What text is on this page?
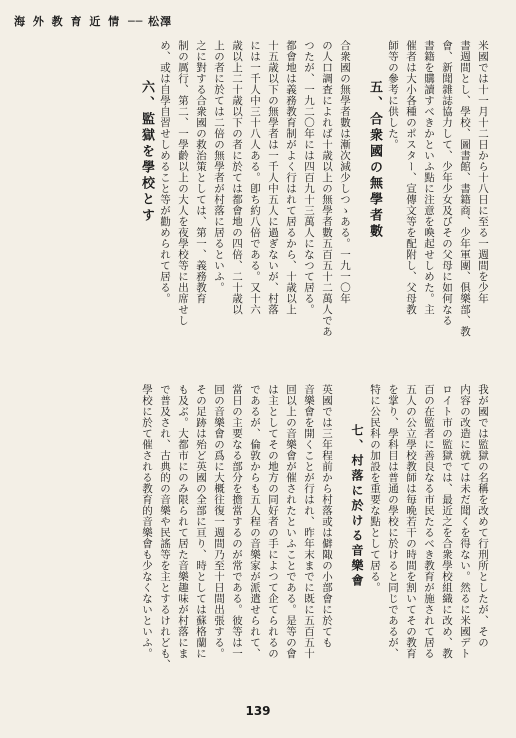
海 外 教 育 近 情 ── 松澤
米國では十一月十二日から十八日に至る一週間を少年
書週間とし、學校、圖書館、書籍商、少年軍團、俱樂部、教
會、新聞雜誌協力して、少年少女及びその父母に如何なる
書籍を購讀すべきかといふ點に注意を喚起せしめた。主
催者は大小各種のポスター、宣傳文等を配附し、父母教
師等の參考に供した。
五、合衆國の無學者數
合衆國の無學者數は漸次減少しつゝある。一九一〇年
の人口調査によれば十歳以上の無學者數五百五十二萬人であ
つたが、一九二〇年には四百九十三萬人になつて居る。
都會地は義務教育制がよく行はれて居るから、十歳以上
十五歳以下の無學者は一千人中五人に過ぎないが、村落
には一千人中三十八人ある。卽ち約八倍である。又十六
歳以上二十歳以下の者に於ては都會地の四倍、二十歳以
上の者に於ては二倍の無學者が村落に居るといふ。
之に對する合衆國の救治策としては、第一、義務教育
制の厲行、第二、一學齡以上の大人を夜學校等に出席せし
め、或は自學自習せしめること等が勸められて居る。
六、監獄を學校とす
我が國では監獄の名稱を改めて行刑所としたが、その
内容の改造に就ては未だ聞くを得ない。然るに米國デト
ロイト市の監獄では、最近之を合衆學校組織に改め、教
百の在監者に善良なる市民たるべき教育が施されて居る
五人の公立學校教師は毎晩若干の時間を割いてその教育
を掌り、學科目は普通の學校に於けると同じであるが、
特に公民科の加設を重要な點として居る。
七、村落に於ける音樂會
英國では三年程前から村落或は僻陬の小部會に於ても
音樂會を開くことが行はれ、昨年末までに既に五百五十
回以上の音樂會が催されたといふことである。是等の會
は主としてその地方の同好者の手によつて企てられるの
であるが、倫敦からも五人程の音樂家が派遣せられて、
當日の主要なる部分を擔當するのが常である。彼等は一
回の音樂會の爲に大概往復一週間乃至十日間出張する。
その足跡は殆ど英國の全部に亘り、時としては蘇格蘭に
も及ぶ。大都市にのみ限られて居た音樂趣味が村落にま
で普及され、古典的の音樂や民謠等を主とするけれども、
學校に於て催される教育的音樂會も少なくないといふ。
139
